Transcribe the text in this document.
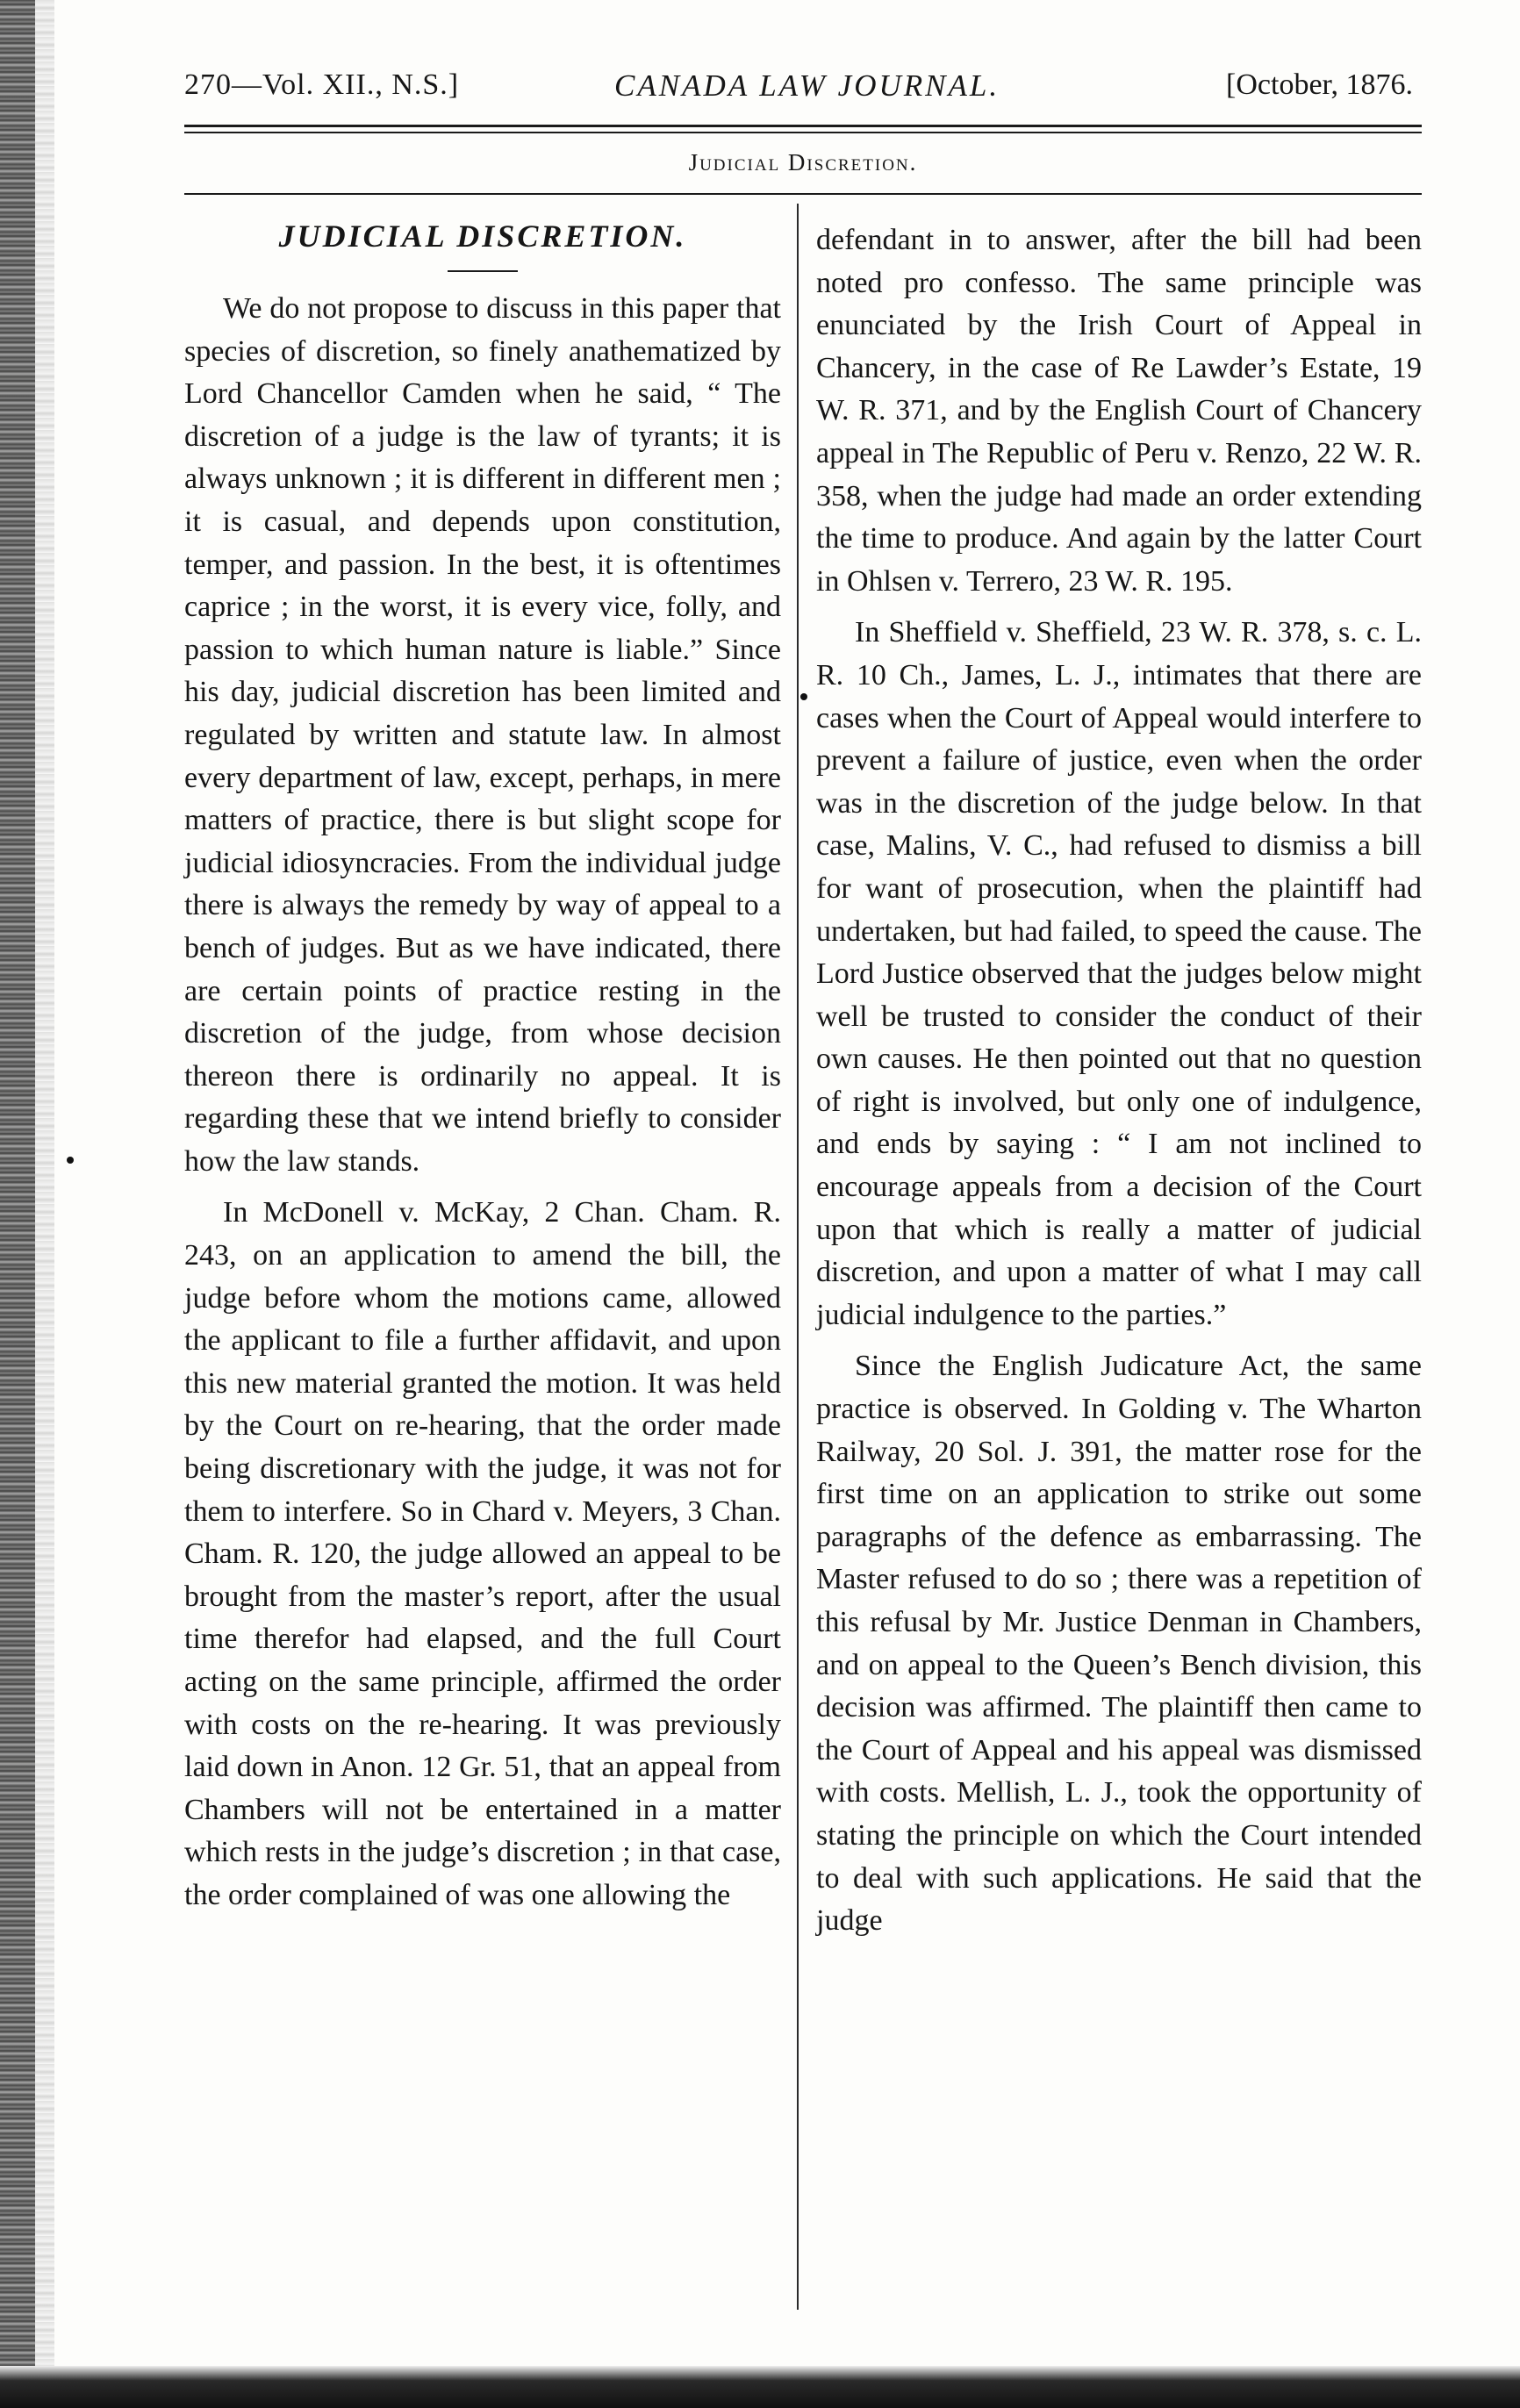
270—Vol. XII., N.S.]	CANADA LAW JOURNAL.	[October, 1876.
Judicial Discretion.
JUDICIAL DISCRETION.

We do not propose to discuss in this paper that species of discretion, so finely anathematized by Lord Chancellor Camden when he said, “ The discretion of a judge is the law of tyrants; it is always unknown ; it is different in different men ; it is casual, and depends upon constitution, temper, and passion. In the best, it is oftentimes caprice ; in the worst, it is every vice, folly, and passion to which human nature is liable.” Since his day, judicial discretion has been limited and regulated by written and statute law. In almost every department of law, except, perhaps, in mere matters of practice, there is but slight scope for judicial idiosyncracies. From the individual judge there is always the remedy by way of appeal to a bench of judges. But as we have indicated, there are certain points of practice resting in the discretion of the judge, from whose decision thereon there is ordinarily no appeal. It is regarding these that we intend briefly to consider how the law stands.

In McDonell v. McKay, 2 Chan. Cham. R. 243, on an application to amend the bill, the judge before whom the motions came, allowed the applicant to file a further affidavit, and upon this new material granted the motion. It was held by the Court on re-hearing, that the order made being discretionary with the judge, it was not for them to interfere. So in Chard v. Meyers, 3 Chan. Cham. R. 120, the judge allowed an appeal to be brought from the master’s report, after the usual time therefor had elapsed, and the full Court acting on the same principle, affirmed the order with costs on the re-hearing. It was previously laid down in Anon. 12 Gr. 51, that an appeal from Chambers will not be entertained in a matter which rests in the judge’s discretion ; in that case, the order complained of was one allowing the

defendant in to answer, after the bill had been noted pro confesso. The same principle was enunciated by the Irish Court of Appeal in Chancery, in the case of Re Lawder’s Estate, 19 W. R. 371, and by the English Court of Chancery appeal in The Republic of Peru v. Renzo, 22 W. R. 358, when the judge had made an order extending the time to produce. And again by the latter Court in Ohlsen v. Terrero, 23 W. R. 195.

In Sheffield v. Sheffield, 23 W. R. 378, s. c. L. R. 10 Ch., James, L. J., intimates that there are cases when the Court of Appeal would interfere to prevent a failure of justice, even when the order was in the discretion of the judge below. In that case, Malins, V. C., had refused to dismiss a bill for want of prosecution, when the plaintiff had undertaken, but had failed, to speed the cause. The Lord Justice observed that the judges below might well be trusted to consider the conduct of their own causes. He then pointed out that no question of right is involved, but only one of indulgence, and ends by saying : “ I am not inclined to encourage appeals from a decision of the Court upon that which is really a matter of judicial discretion, and upon a matter of what I may call judicial indulgence to the parties.”

Since the English Judicature Act, the same practice is observed. In Golding v. The Wharton Railway, 20 Sol. J. 391, the matter rose for the first time on an application to strike out some paragraphs of the defence as embarrassing. The Master refused to do so ; there was a repetition of this refusal by Mr. Justice Denman in Chambers, and on appeal to the Queen’s Bench division, this decision was affirmed. The plaintiff then came to the Court of Appeal and his appeal was dismissed with costs. Mellish, L. J., took the opportunity of stating the principle on which the Court intended to deal with such applications. He said that the judge
